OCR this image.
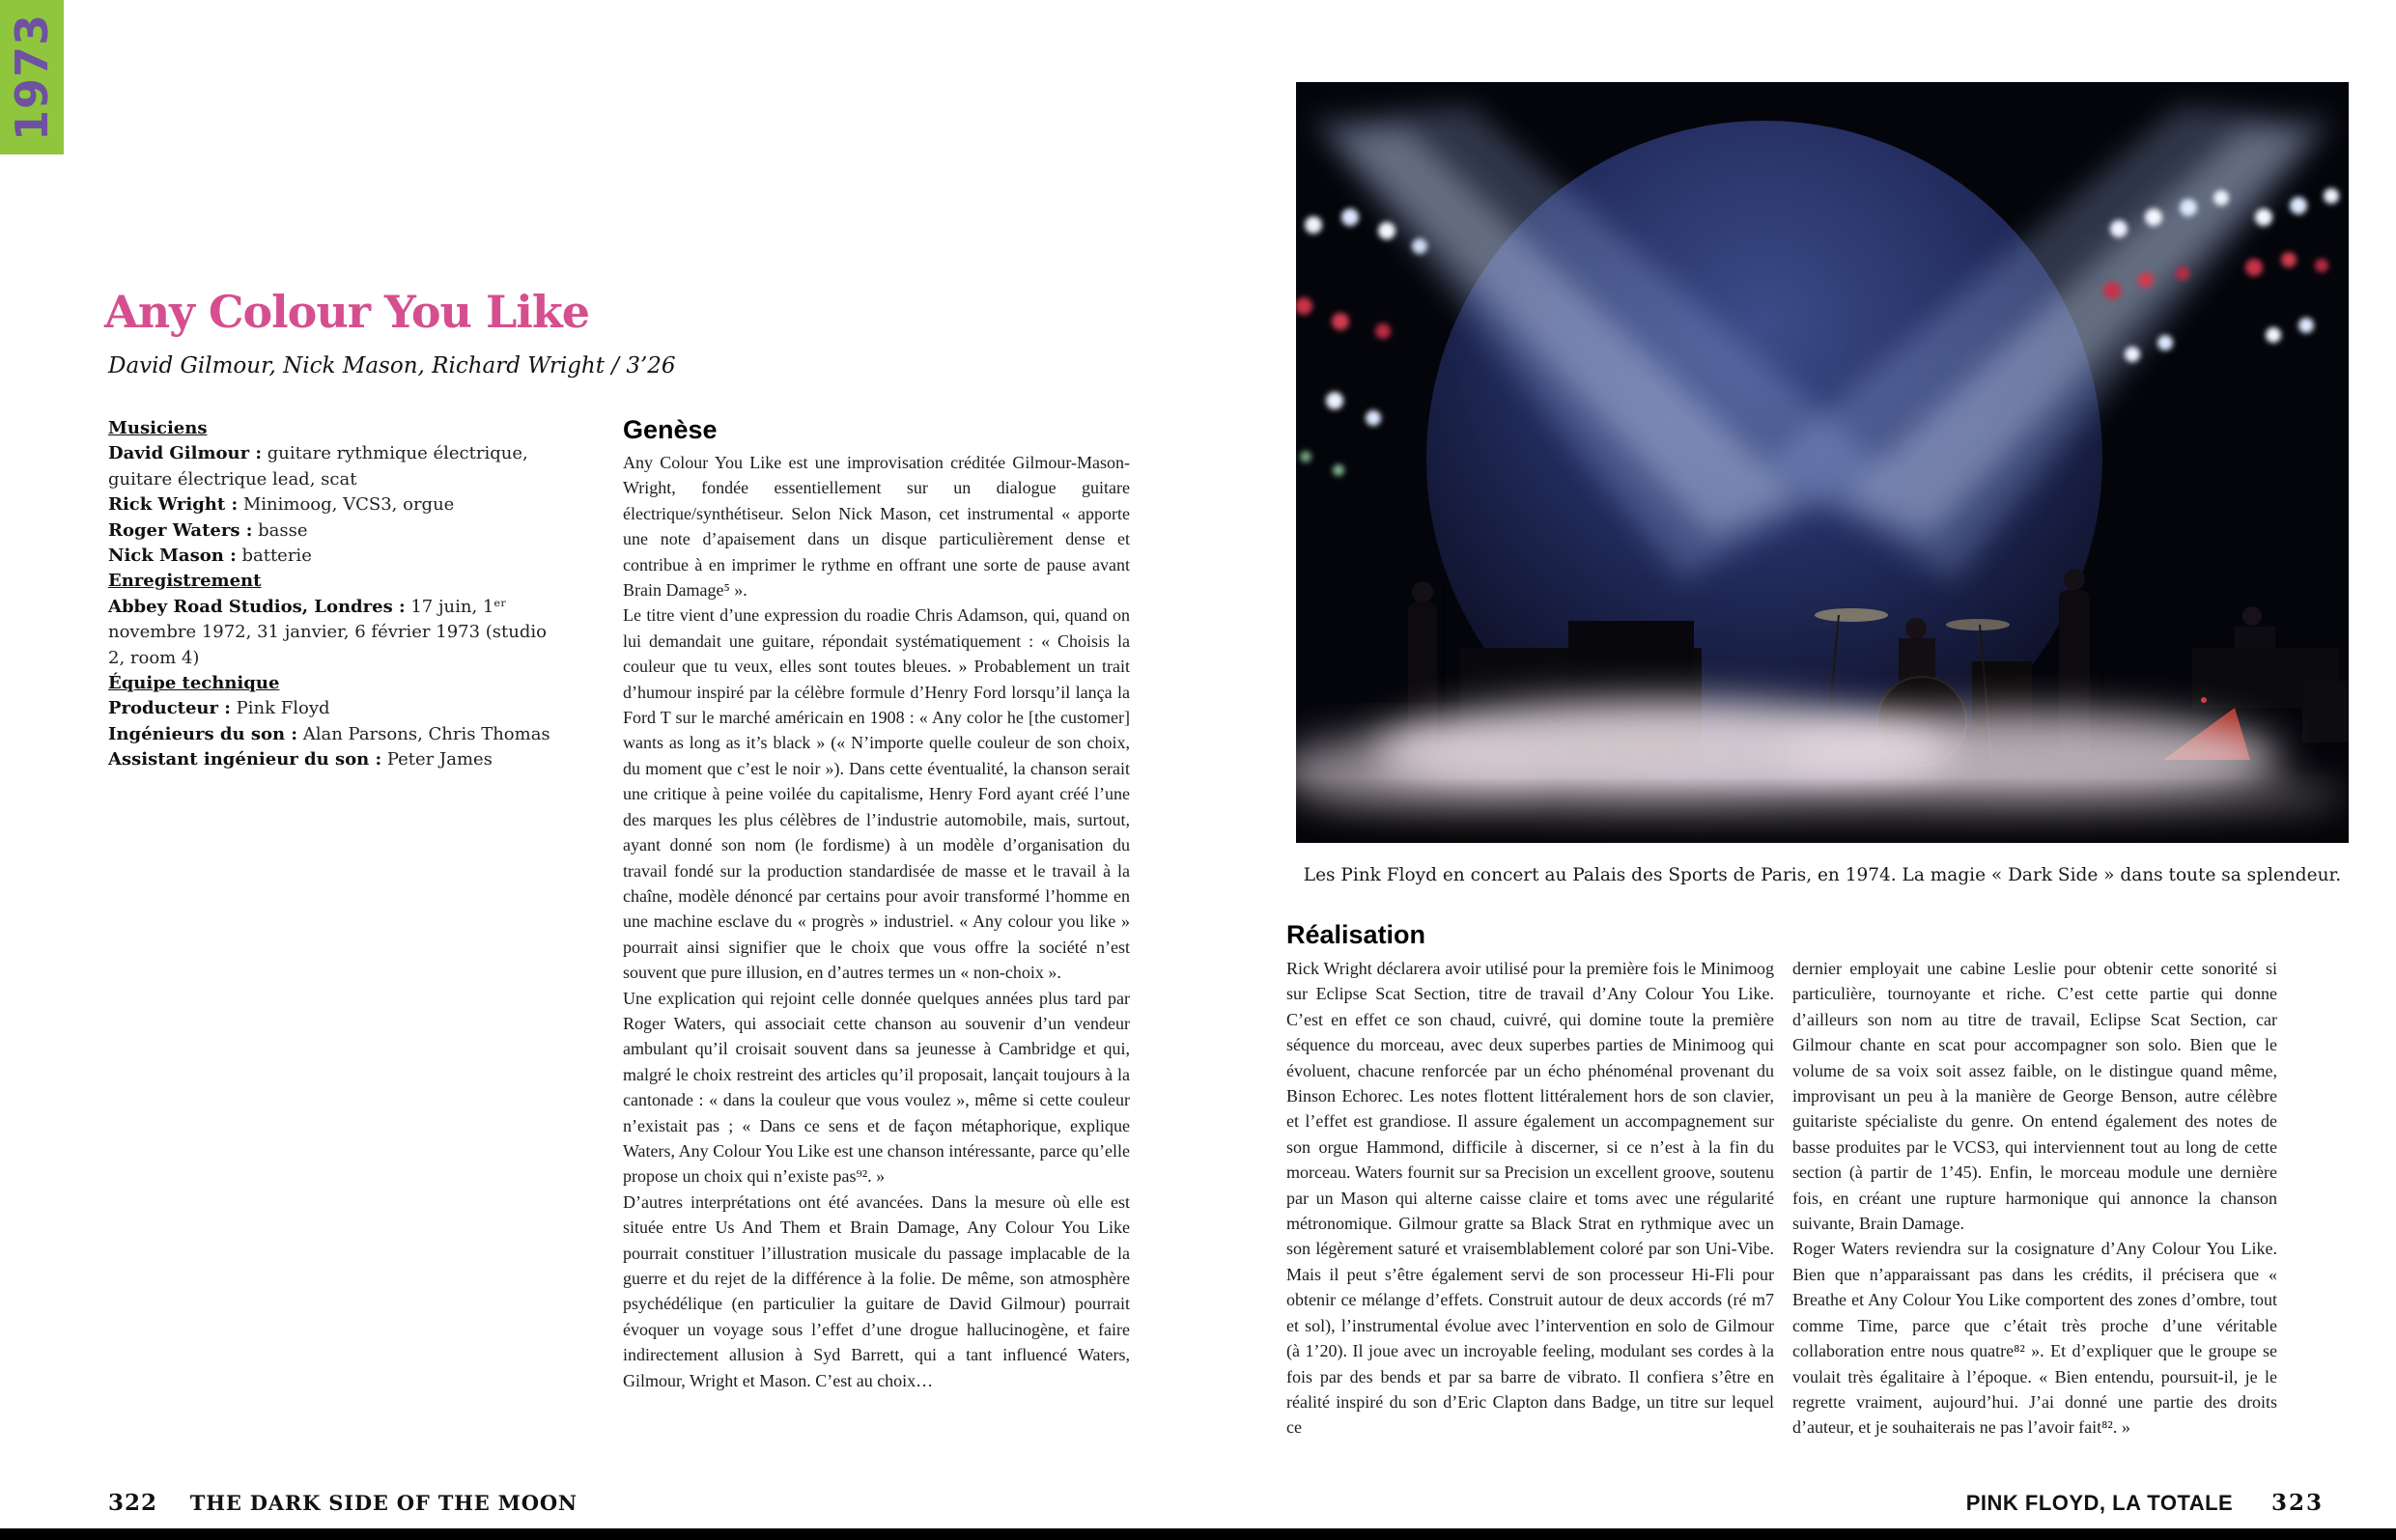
1973
Any Colour You Like
David Gilmour, Nick Mason, Richard Wright / 3’26
Musiciens
David Gilmour : guitare rythmique électrique, guitare électrique lead, scat
Rick Wright : Minimoog, VCS3, orgue
Roger Waters : basse
Nick Mason : batterie
Enregistrement
Abbey Road Studios, Londres : 17 juin, 1ᵉʳ novembre 1972, 31 janvier, 6 février 1973 (studio 2, room 4)
Équipe technique
Producteur : Pink Floyd
Ingénieurs du son : Alan Parsons, Chris Thomas
Assistant ingénieur du son : Peter James
Genèse

Any Colour You Like est une improvisation créditée Gilmour-Mason-Wright, fondée essentiellement sur un dialogue guitare électrique/synthétiseur. Selon Nick Mason, cet instrumental « apporte une note d’apaisement dans un disque particulièrement dense et contribue à en imprimer le rythme en offrant une sorte de pause avant Brain Damage⁵ ».

Le titre vient d’une expression du roadie Chris Adamson, qui, quand on lui demandait une guitare, répondait systématiquement : « Choisis la couleur que tu veux, elles sont toutes bleues. » Probablement un trait d’humour inspiré par la célèbre formule d’Henry Ford lorsqu’il lança la Ford T sur le marché américain en 1908 : « Any color he [the customer] wants as long as it’s black » (« N’importe quelle couleur de son choix, du moment que c’est le noir »). Dans cette éventualité, la chanson serait une critique à peine voilée du capitalisme, Henry Ford ayant créé l’une des marques les plus célèbres de l’industrie automobile, mais, surtout, ayant donné son nom (le fordisme) à un modèle d’organisation du travail fondé sur la production standardisée de masse et le travail à la chaîne, modèle dénoncé par certains pour avoir transformé l’homme en une machine esclave du « progrès » industriel. « Any colour you like » pourrait ainsi signifier que le choix que vous offre la société n’est souvent que pure illusion, en d’autres termes un « non-choix ».

Une explication qui rejoint celle donnée quelques années plus tard par Roger Waters, qui associait cette chanson au souvenir d’un vendeur ambulant qu’il croisait souvent dans sa jeunesse à Cambridge et qui, malgré le choix restreint des articles qu’il proposait, lançait toujours à la cantonade : « dans la couleur que vous voulez », même si cette couleur n’existait pas ; « Dans ce sens et de façon métaphorique, explique Waters, Any Colour You Like est une chanson intéressante, parce qu’elle propose un choix qui n’existe pas⁹². »

D’autres interprétations ont été avancées. Dans la mesure où elle est située entre Us And Them et Brain Damage, Any Colour You Like pourrait constituer l’illustration musicale du passage implacable de la guerre et du rejet de la différence à la folie. De même, son atmosphère psychédélique (en particulier la guitare de David Gilmour) pourrait évoquer un voyage sous l’effet d’une drogue hallucinogène, et faire indirectement allusion à Syd Barrett, qui a tant influencé Waters, Gilmour, Wright et Mason. C’est au choix…

322 THE DARK SIDE OF THE MOON
Les Pink Floyd en concert au Palais des Sports de Paris, en 1974. La magie « Dark Side » dans toute sa splendeur.
Réalisation

Rick Wright déclarera avoir utilisé pour la première fois le Minimoog sur Eclipse Scat Section, titre de travail d’Any Colour You Like. C’est en effet ce son chaud, cuivré, qui domine toute la première séquence du morceau, avec deux superbes parties de Minimoog qui évoluent, chacune renforcée par un écho phénoménal provenant du Binson Echorec. Les notes flottent littéralement hors de son clavier, et l’effet est grandiose. Il assure également un accompagnement sur son orgue Hammond, difficile à discerner, si ce n’est à la fin du morceau. Waters fournit sur sa Precision un excellent groove, soutenu par un Mason qui alterne caisse claire et toms avec une régularité métronomique. Gilmour gratte sa Black Strat en rythmique avec un son légèrement saturé et vraisemblablement coloré par son Uni-Vibe. Mais il peut s’être également servi de son processeur Hi-Fli pour obtenir ce mélange d’effets. Construit autour de deux accords (ré m7 et sol), l’instrumental évolue avec l’intervention en solo de Gilmour (à 1’20). Il joue avec un incroyable feeling, modulant ses cordes à la fois par des bends et par sa barre de vibrato. Il confiera s’être en réalité inspiré du son d’Eric Clapton dans Badge, un titre sur lequel ce

dernier employait une cabine Leslie pour obtenir cette sonorité si particulière, tournoyante et riche. C’est cette partie qui donne d’ailleurs son nom au titre de travail, Eclipse Scat Section, car Gilmour chante en scat pour accompagner son solo. Bien que le volume de sa voix soit assez faible, on le distingue quand même, improvisant un peu à la manière de George Benson, autre célèbre guitariste spécialiste du genre. On entend également des notes de basse produites par le VCS3, qui interviennent tout au long de cette section (à partir de 1’45). Enfin, le morceau module une dernière fois, en créant une rupture harmonique qui annonce la chanson suivante, Brain Damage.

Roger Waters reviendra sur la cosignature d’Any Colour You Like. Bien que n’apparaissant pas dans les crédits, il précisera que « Breathe et Any Colour You Like comportent des zones d’ombre, tout comme Time, parce que c’était très proche d’une véritable collaboration entre nous quatre⁸² ». Et d’expliquer que le groupe se voulait très égalitaire à l’époque. « Bien entendu, poursuit-il, je le regrette vraiment, aujourd’hui. J’ai donné une partie des droits d’auteur, et je souhaiterais ne pas l’avoir fait⁸². »

PINK FLOYD, LA TOTALE 323
